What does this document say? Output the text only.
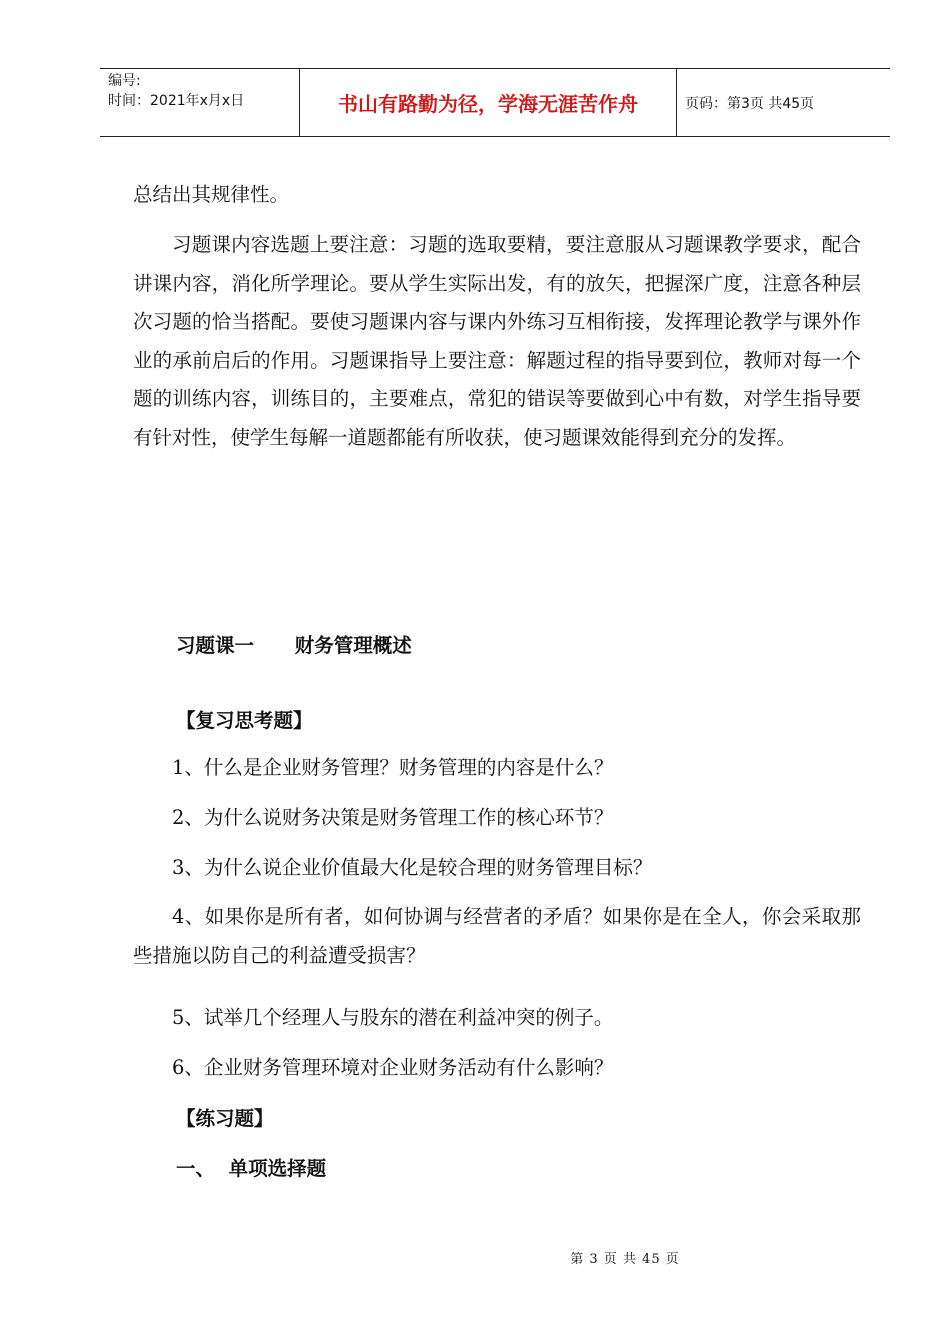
编号:
时间：2021年x月x日	书山有路勤为径，学海无涯苦作舟	页码：第3页 共45页

总结出其规律性。

习题课内容选题上要注意：习题的选取要精，要注意服从习题课教学要求，配合讲课内容，消化所学理论。要从学生实际出发，有的放矢，把握深广度，注意各种层次习题的恰当搭配。要使习题课内容与课内外练习互相衔接，发挥理论教学与课外作业的承前启后的作用。习题课指导上要注意：解题过程的指导要到位，教师对每一个题的训练内容，训练目的，主要难点，常犯的错误等要做到心中有数，对学生指导要有针对性，使学生每解一道题都能有所收获，使习题课效能得到充分的发挥。

习题课一      财务管理概述
【复习思考题】
1、什么是企业财务管理？财务管理的内容是什么？
2、为什么说财务决策是财务管理工作的核心环节？
3、为什么说企业价值最大化是较合理的财务管理目标？
4、如果你是所有者，如何协调与经营者的矛盾？如果你是在全人，你会采取那些措施以防自己的利益遭受损害？
5、试举几个经理人与股东的潜在利益冲突的例子。
6、企业财务管理环境对企业财务活动有什么影响？
【练习题】
一、  单项选择题
第 3 页 共 45 页
